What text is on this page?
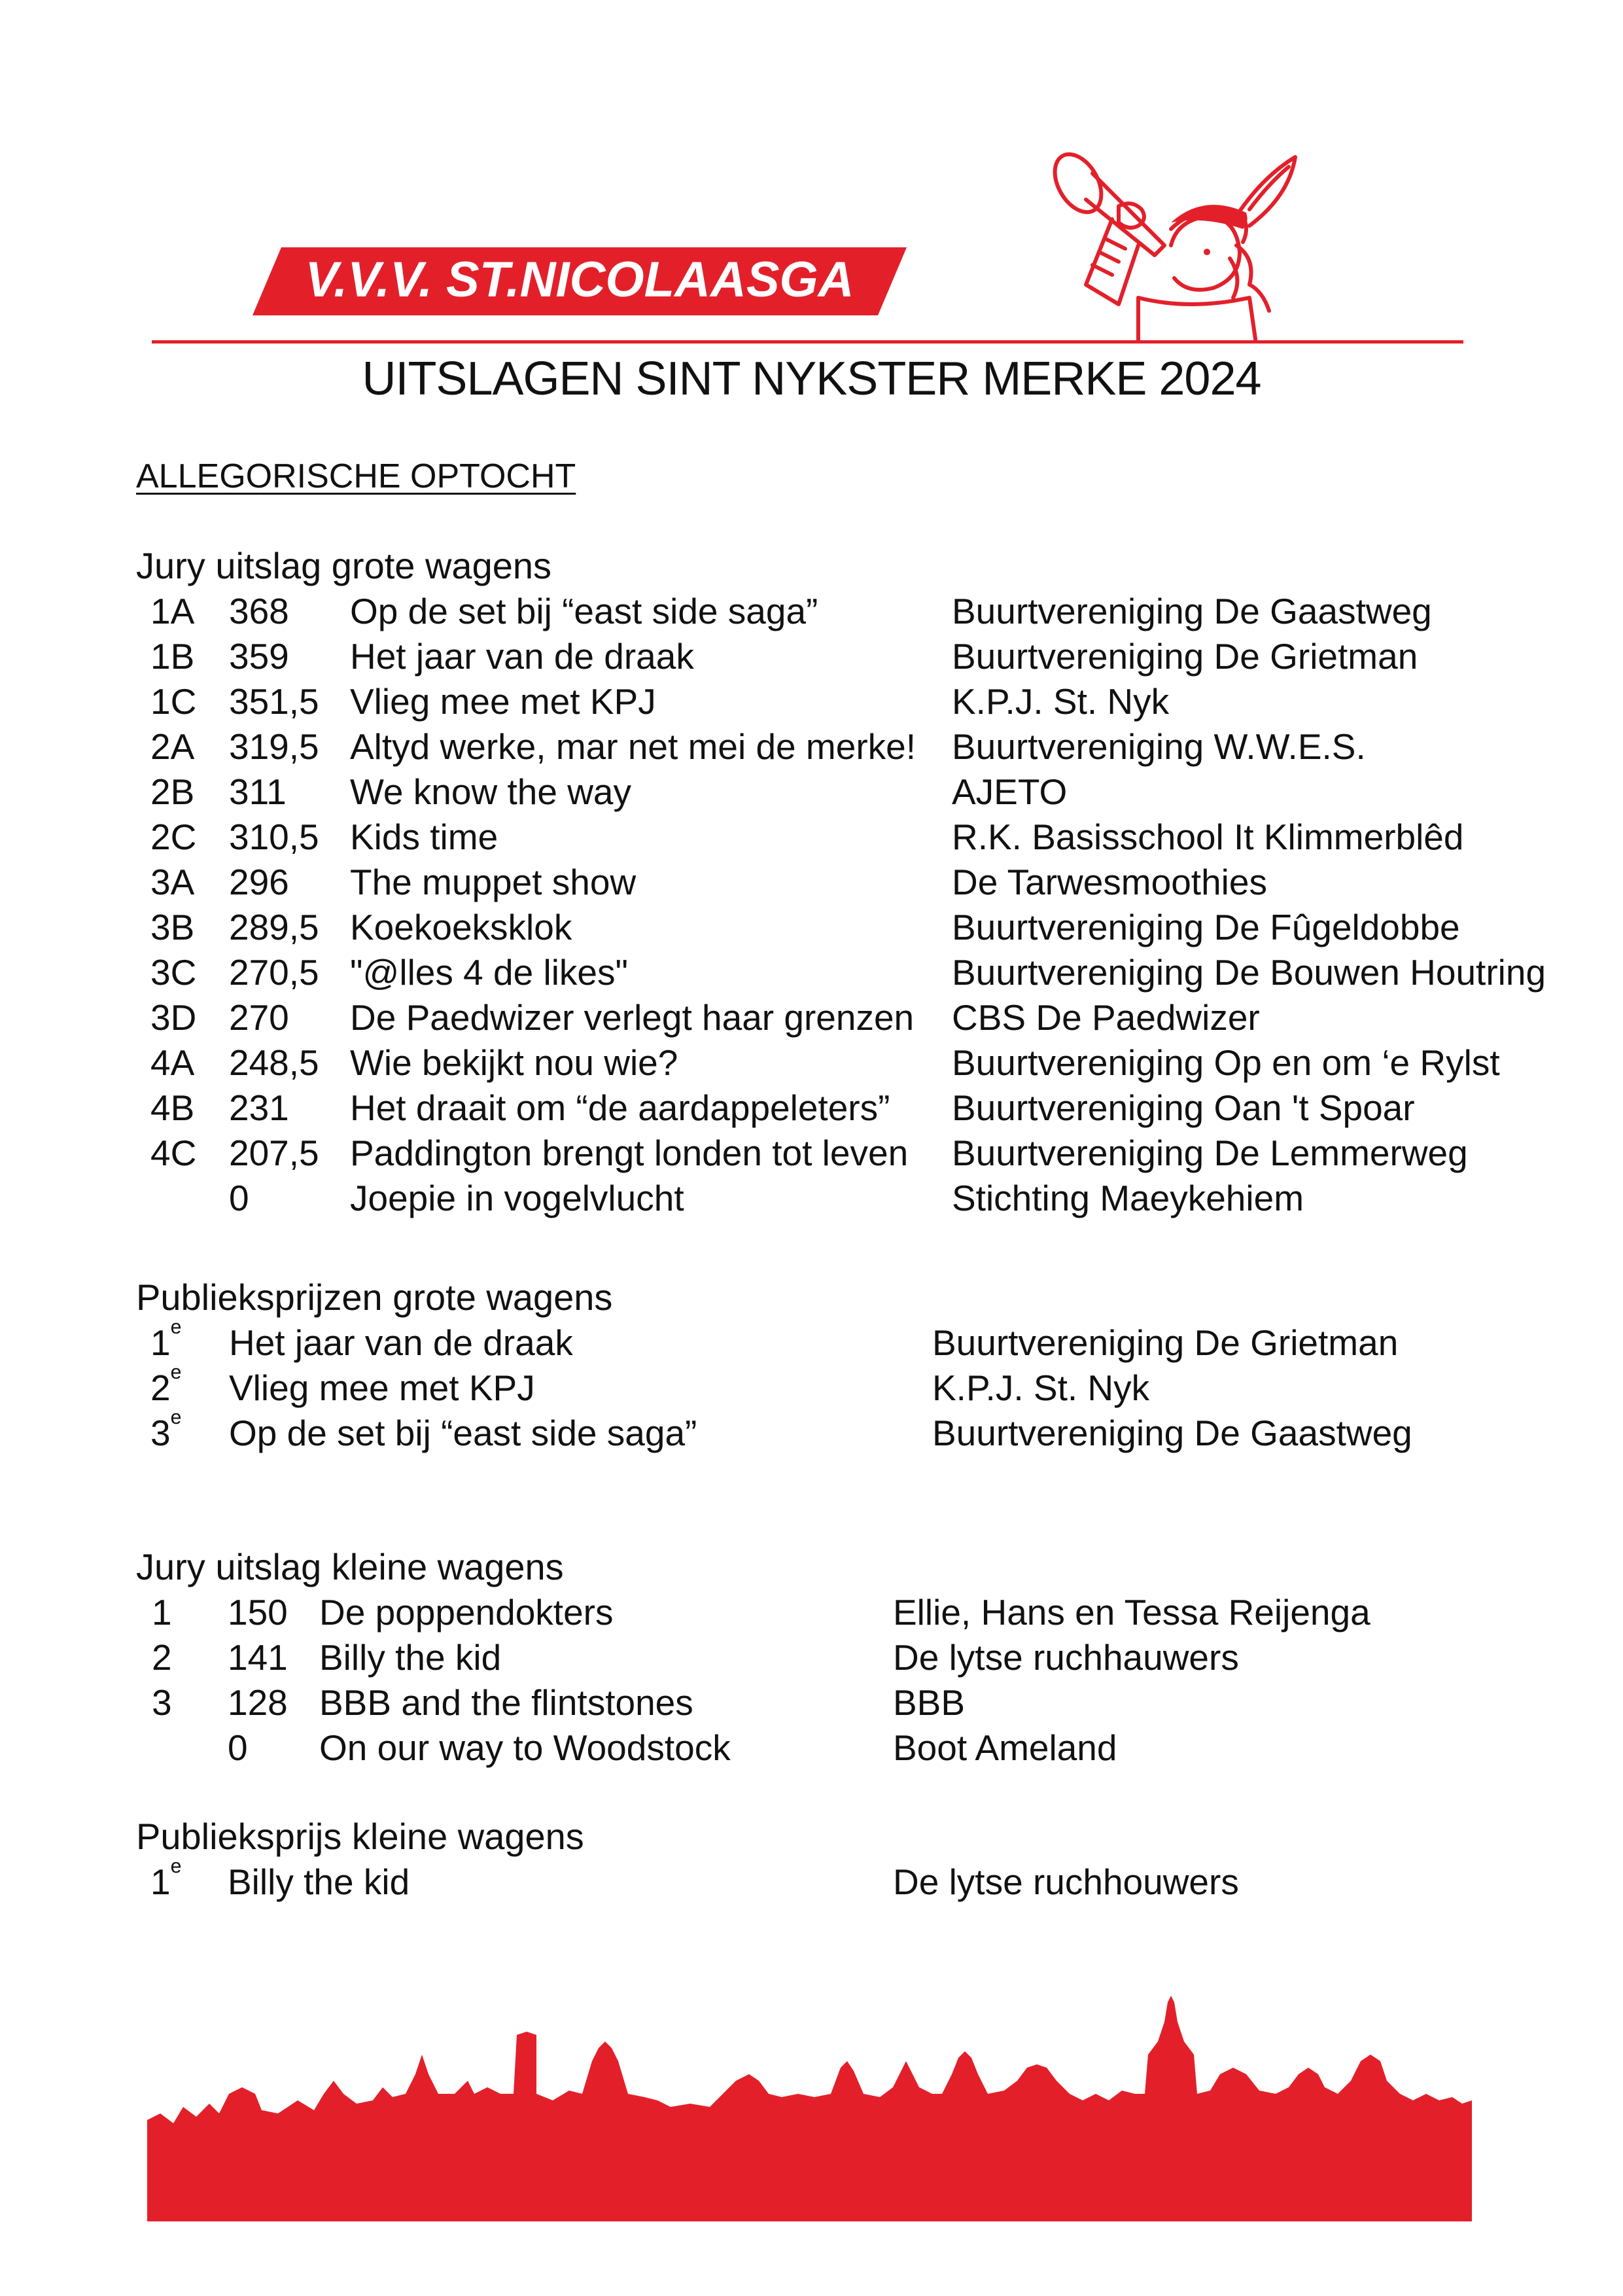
V.V.V. ST.NICOLAASGA
UITSLAGEN SINT NYKSTER MERKE 2024
ALLEGORISCHE OPTOCHT
Jury uitslag grote wagens
1A 368 Op de set bij “east side saga”	Buurtvereniging De Gaastweg
1B 359 Het jaar van de draak	Buurtvereniging De Grietman
1C 351,5 Vlieg mee met KPJ	K.P.J. St. Nyk
2A 319,5 Altyd werke, mar net mei de merke! Buurtvereniging W.W.E.S.
2B 311 We know the way	AJETO
2C 310,5 Kids time	R.K. Basisschool It Klimmerblêd
3A 296 The muppet show	De Tarwesmoothies
3B 289,5 Koekoeksklok	Buurtvereniging De Fûgeldobbe
3C 270,5 "@lles 4 de likes"	Buurtvereniging De Bouwen Houtring
3D 270 De Paedwizer verlegt haar grenzen CBS De Paedwizer
4A 248,5 Wie bekijkt nou wie?	Buurtvereniging Op en om ‘e Rylst
4B 231 Het draait om “de aardappeleters” Buurtvereniging Oan 't Spoar
4C 207,5 Paddington brengt londen tot leven Buurtvereniging De Lemmerweg
0	Joepie in vogelvlucht	Stichting Maeykehiem
Publieksprijzen grote wagens
1e Het jaar van de draak	Buurtvereniging De Grietman
2e Vlieg mee met KPJ	K.P.J. St. Nyk
3e Op de set bij “east side saga”	Buurtvereniging De Gaastweg
Jury uitslag kleine wagens
1 150 De poppendokters	Ellie, Hans en Tessa Reijenga
2 141 Billy the kid	De lytse ruchhauwers
3 128 BBB and the flintstones	BBB
0 On our way to Woodstock	Boot Ameland
Publieksprijs kleine wagens
1e Billy the kid	De lytse ruchhouwers
